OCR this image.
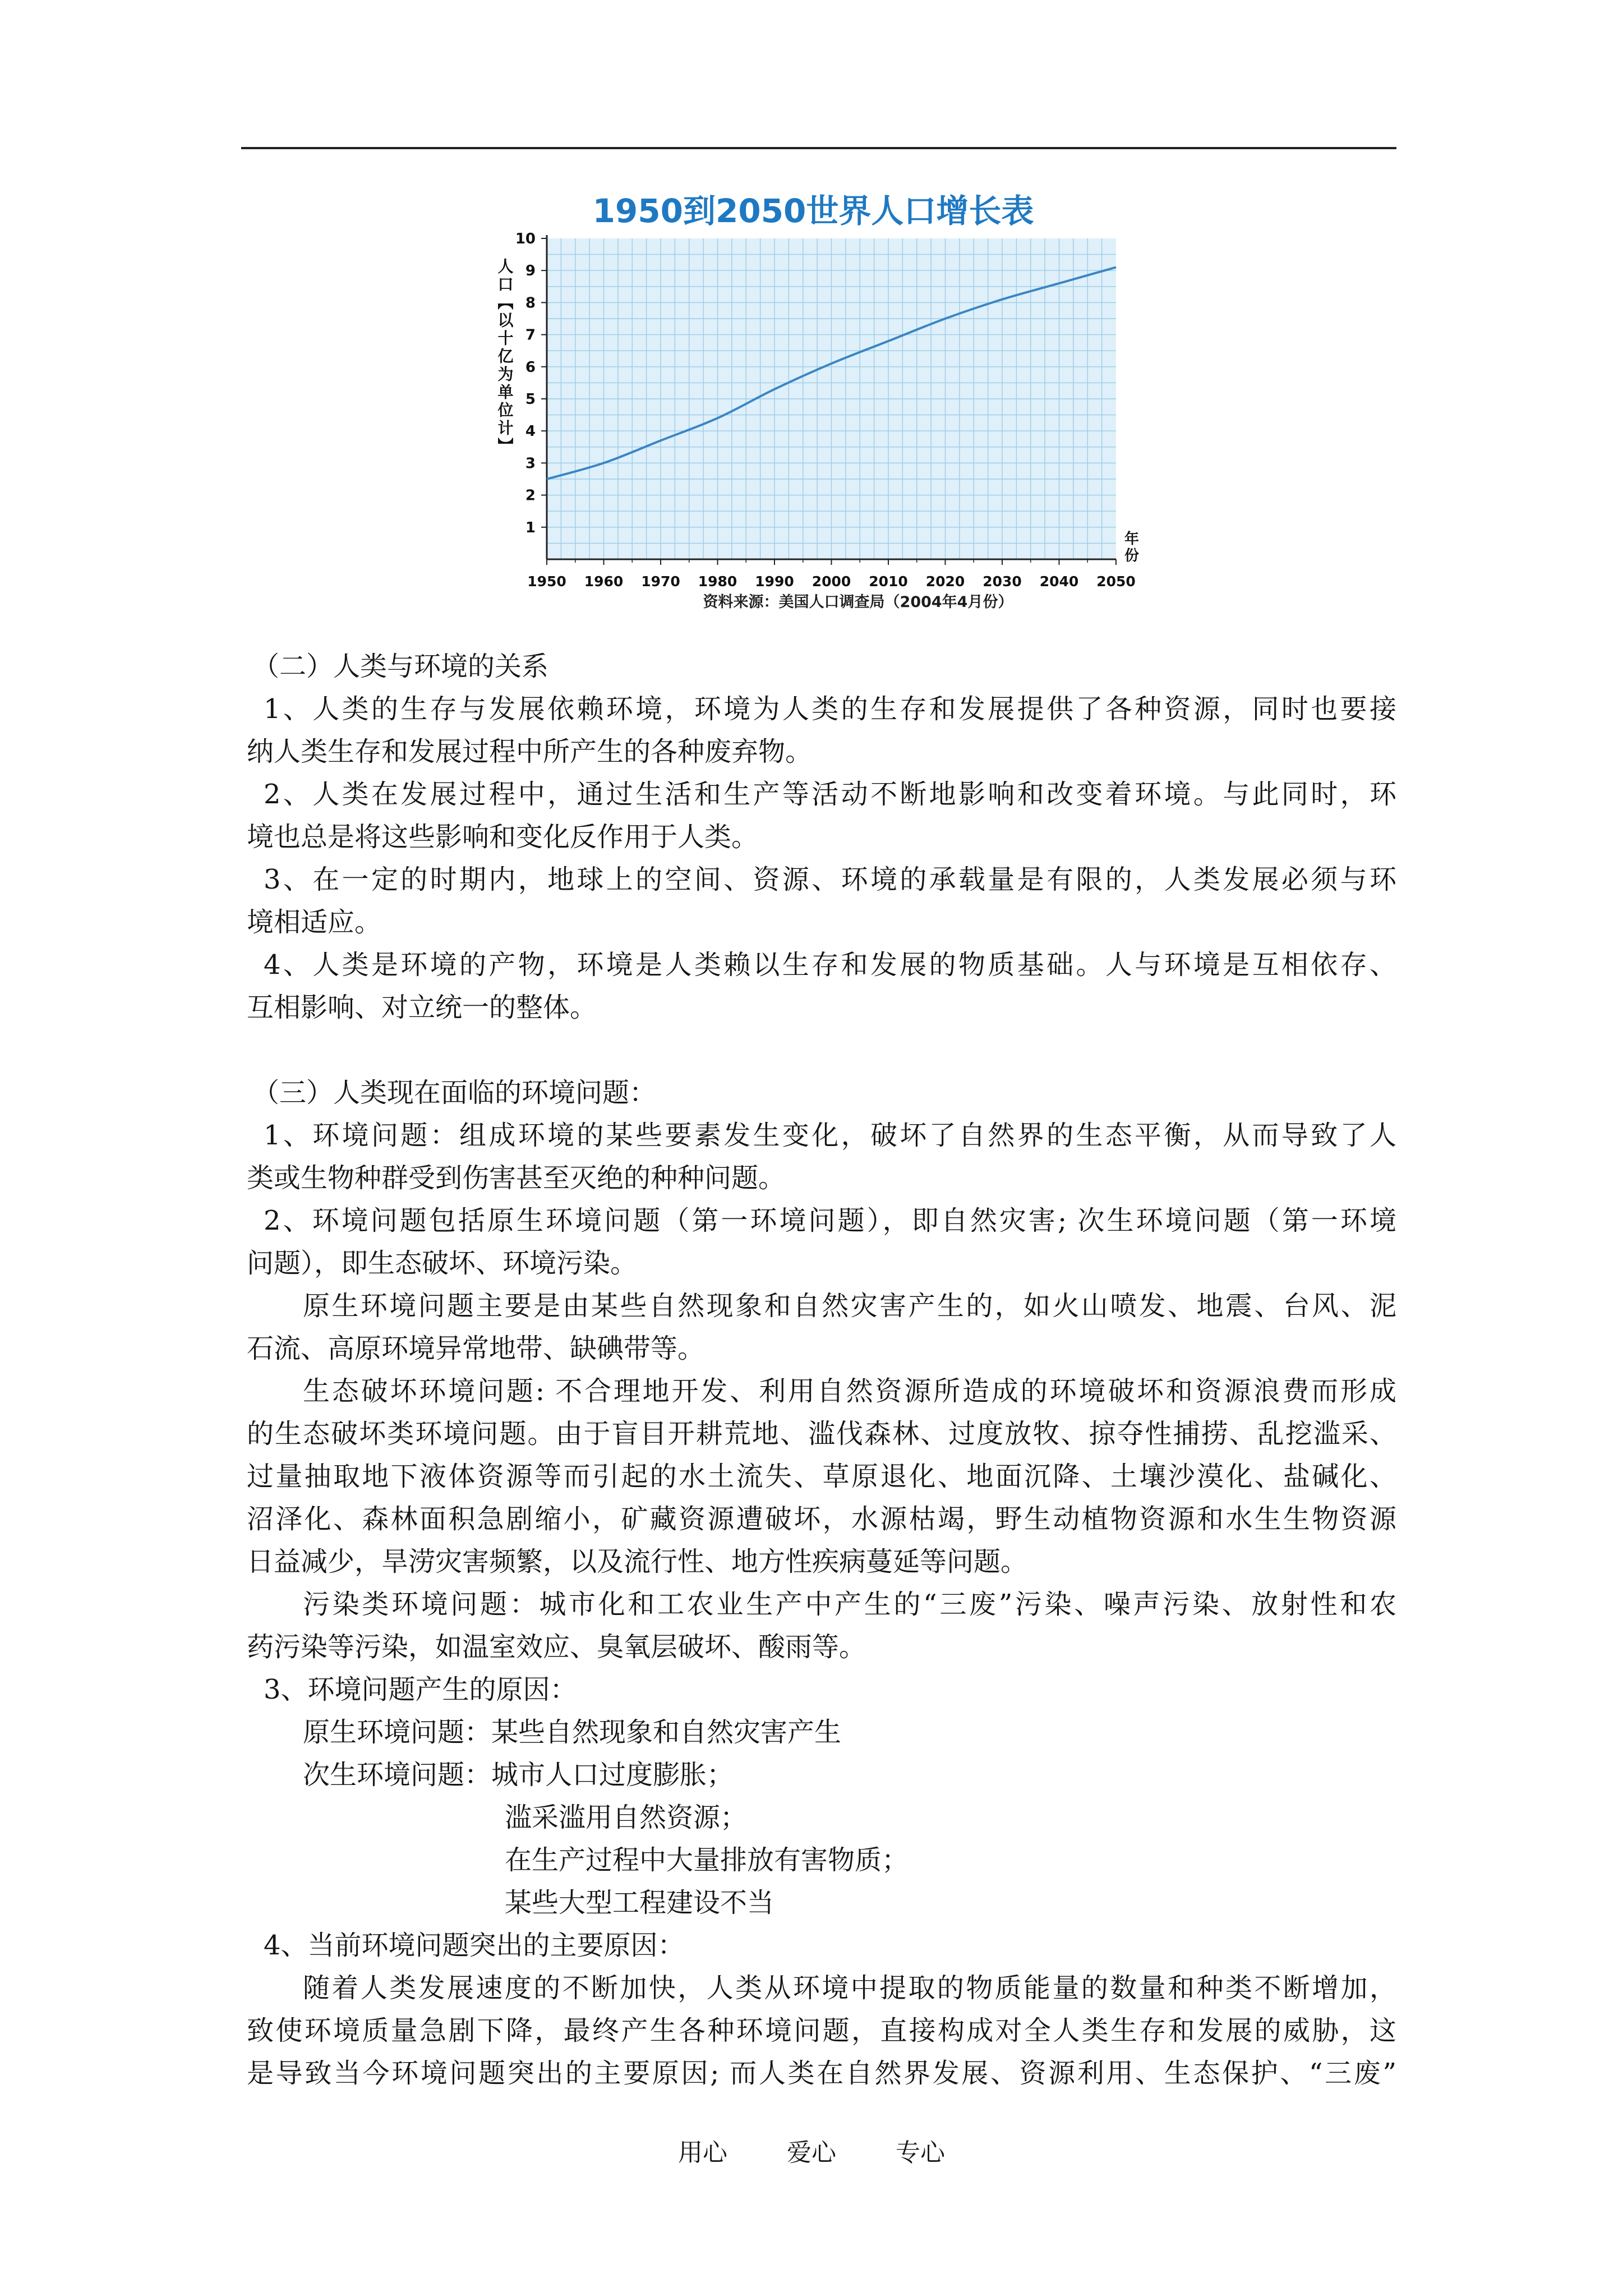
1950到2050世界人口增长表
1
2
3
4
5
6
7
8
9
10
1950 1960 1970 1980 1990 2000 2010 2020 2030 2040 2050
人口【以十亿为单位计】
年
份
资料来源：美国人口调查局（2004年4月份）
（二）人类与环境的关系
1、人类的生存与发展依赖环境，环境为人类的生存和发展提供了各种资源，同时也要接
纳人类生存和发展过程中所产生的各种废弃物。
2、人类在发展过程中，通过生活和生产等活动不断地影响和改变着环境。与此同时，环
境也总是将这些影响和变化反作用于人类。
3、在一定的时期内，地球上的空间、资源、环境的承载量是有限的，人类发展必须与环
境相适应。
4、人类是环境的产物，环境是人类赖以生存和发展的物质基础。人与环境是互相依存、
互相影响、对立统一的整体。
（三）人类现在面临的环境问题：
1、环境问题：组成环境的某些要素发生变化，破坏了自然界的生态平衡，从而导致了人
类或生物种群受到伤害甚至灭绝的种种问题。
2、环境问题包括原生环境问题（第一环境问题），即自然灾害; 次生环境问题（第一环境
问题），即生态破坏、环境污染。
原生环境问题主要是由某些自然现象和自然灾害产生的，如火山喷发、地震、台风、泥
石流、高原环境异常地带、缺碘带等。
生态破坏环境问题: 不合理地开发、利用自然资源所造成的环境破坏和资源浪费而形成
的生态破坏类环境问题。由于盲目开耕荒地、滥伐森林、过度放牧、掠夺性捕捞、乱挖滥采、
过量抽取地下液体资源等而引起的水土流失、草原退化、地面沉降、土壤沙漠化、盐碱化、
沼泽化、森林面积急剧缩小，矿藏资源遭破坏，水源枯竭，野生动植物资源和水生生物资源
日益减少，旱涝灾害频繁，以及流行性、地方性疾病蔓延等问题。
污染类环境问题：城市化和工农业生产中产生的“三废”污染、噪声污染、放射性和农
药污染等污染，如温室效应、臭氧层破坏、酸雨等。
3、环境问题产生的原因：
原生环境问题：某些自然现象和自然灾害产生
次生环境问题：城市人口过度膨胀；
滥采滥用自然资源；
在生产过程中大量排放有害物质；
某些大型工程建设不当
4、当前环境问题突出的主要原因：
随着人类发展速度的不断加快，人类从环境中提取的物质能量的数量和种类不断增加，
致使环境质量急剧下降，最终产生各种环境问题，直接构成对全人类生存和发展的威胁，这
是导致当今环境问题突出的主要原因; 而人类在自然界发展、资源利用、生态保护、“三废”
用心 爱心 专心
